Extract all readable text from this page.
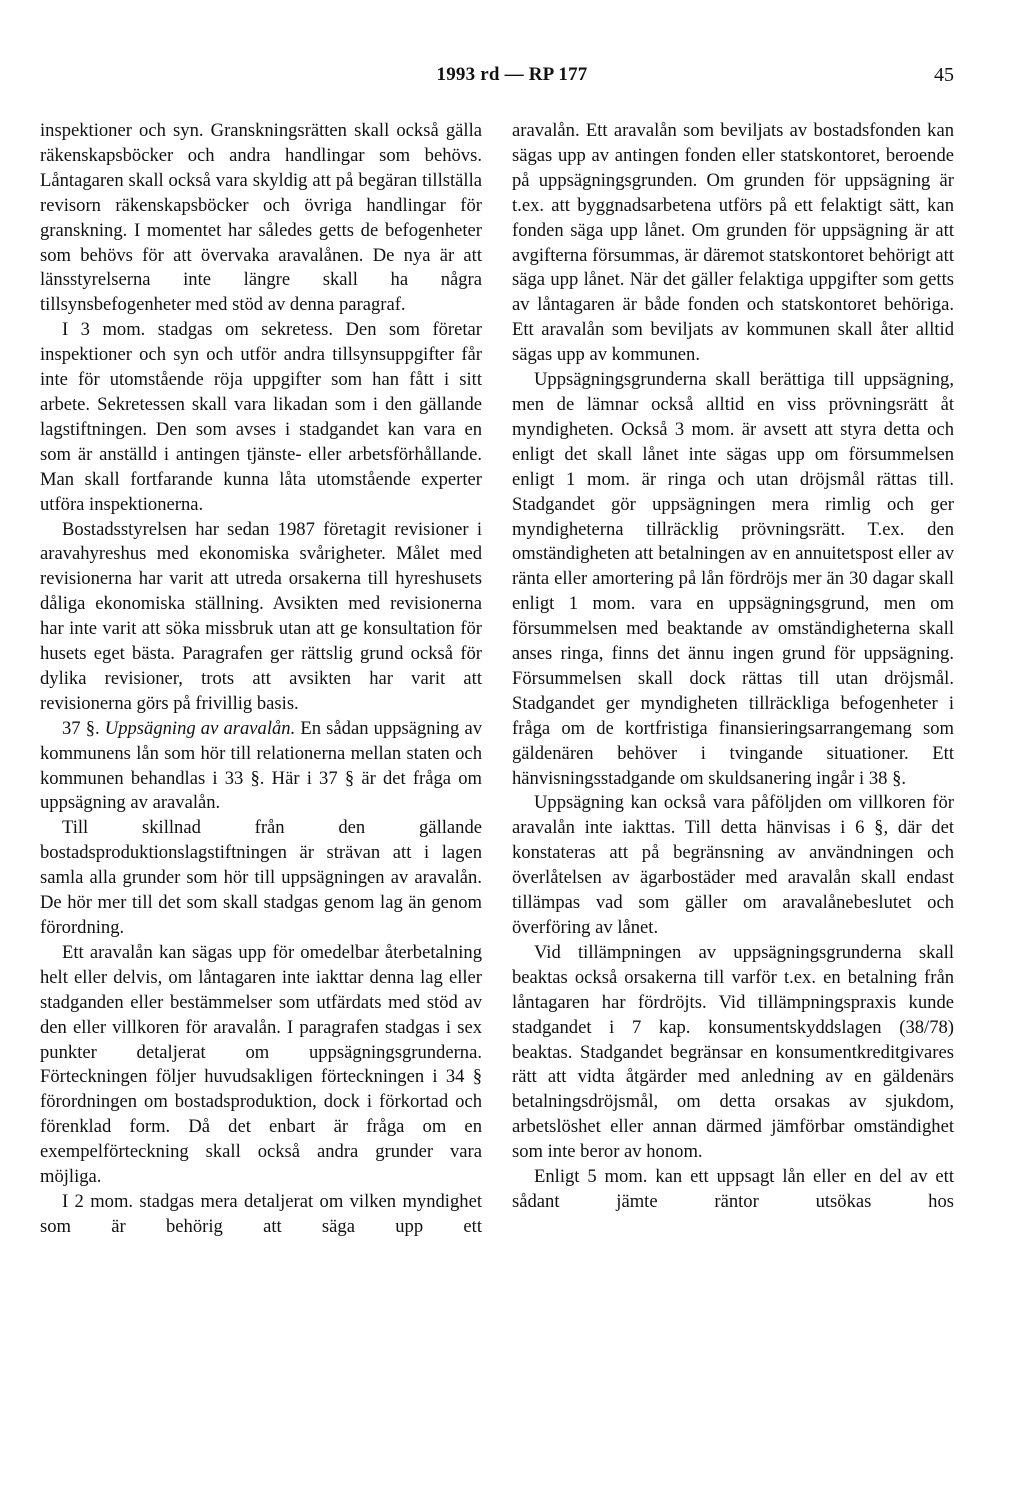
1993 rd — RP 177	45

inspektioner och syn. Granskningsrätten skall också gälla räkenskapsböcker och andra handlingar som behövs. Låntagaren skall också vara skyldig att på begäran tillställa revisorn räkenskapsböcker och övriga handlingar för granskning. I momentet har således getts de befogenheter som behövs för att övervaka aravalånen. De nya är att länsstyrelserna inte längre skall ha några tillsynsbefogenheter med stöd av denna paragraf.

I 3 mom. stadgas om sekretess. Den som företar inspektioner och syn och utför andra tillsynsuppgifter får inte för utomstående röja uppgifter som han fått i sitt arbete. Sekretessen skall vara likadan som i den gällande lagstiftningen. Den som avses i stadgandet kan vara en som är anställd i antingen tjänste- eller arbetsförhållande. Man skall fortfarande kunna låta utomstående experter utföra inspektionerna.

Bostadsstyrelsen har sedan 1987 företagit revisioner i aravahyreshus med ekonomiska svårigheter. Målet med revisionerna har varit att utreda orsakerna till hyreshusets dåliga ekonomiska ställning. Avsikten med revisionerna har inte varit att söka missbruk utan att ge konsultation för husets eget bästa. Paragrafen ger rättslig grund också för dylika revisioner, trots att avsikten har varit att revisionerna görs på frivillig basis.

37 §. Uppsägning av aravalån. En sådan uppsägning av kommunens lån som hör till relationerna mellan staten och kommunen behandlas i 33 §. Här i 37 § är det fråga om uppsägning av aravalån.

Till skillnad från den gällande bostadsproduktionslagstiftningen är strävan att i lagen samla alla grunder som hör till uppsägningen av aravalån. De hör mer till det som skall stadgas genom lag än genom förordning.

Ett aravalån kan sägas upp för omedelbar återbetalning helt eller delvis, om låntagaren inte iakttar denna lag eller stadganden eller bestämmelser som utfärdats med stöd av den eller villkoren för aravalån. I paragrafen stadgas i sex punkter detaljerat om uppsägningsgrunderna. Förteckningen följer huvudsakligen förteckningen i 34 § förordningen om bostadsproduktion, dock i förkortad och förenklad form. Då det enbart är fråga om en exempelförteckning skall också andra grunder vara möjliga.

I 2 mom. stadgas mera detaljerat om vilken myndighet som är behörig att säga upp ett

aravalån. Ett aravalån som beviljats av bostadsfonden kan sägas upp av antingen fonden eller statskontoret, beroende på uppsägningsgrunden. Om grunden för uppsägning är t.ex. att byggnadsarbetena utförs på ett felaktigt sätt, kan fonden säga upp lånet. Om grunden för uppsägning är att avgifterna försummas, är däremot statskontoret behörigt att säga upp lånet. När det gäller felaktiga uppgifter som getts av låntagaren är både fonden och statskontoret behöriga. Ett aravalån som beviljats av kommunen skall åter alltid sägas upp av kommunen.

Uppsägningsgrunderna skall berättiga till uppsägning, men de lämnar också alltid en viss prövningsrätt åt myndigheten. Också 3 mom. är avsett att styra detta och enligt det skall lånet inte sägas upp om försummelsen enligt 1 mom. är ringa och utan dröjsmål rättas till. Stadgandet gör uppsägningen mera rimlig och ger myndigheterna tillräcklig prövningsrätt. T.ex. den omständigheten att betalningen av en annuitetspost eller av ränta eller amortering på lån fördröjs mer än 30 dagar skall enligt 1 mom. vara en uppsägningsgrund, men om försummelsen med beaktande av omständigheterna skall anses ringa, finns det ännu ingen grund för uppsägning. Försummelsen skall dock rättas till utan dröjsmål. Stadgandet ger myndigheten tillräckliga befogenheter i fråga om de kortfristiga finansieringsarrangemang som gäldenären behöver i tvingande situationer. Ett hänvisningsstadgande om skuldsanering ingår i 38 §.

Uppsägning kan också vara påföljden om villkoren för aravalån inte iakttas. Till detta hänvisas i 6 §, där det konstateras att på begränsning av användningen och överlåtelsen av ägarbostäder med aravalån skall endast tillämpas vad som gäller om aravalånebeslutet och överföring av lånet.

Vid tillämpningen av uppsägningsgrunderna skall beaktas också orsakerna till varför t.ex. en betalning från låntagaren har fördröjts. Vid tillämpningspraxis kunde stadgandet i 7 kap. konsumentskyddslagen (38/78) beaktas. Stadgandet begränsar en konsumentkreditgivares rätt att vidta åtgärder med anledning av en gäldenärs betalningsdröjsmål, om detta orsakas av sjukdom, arbetslöshet eller annan därmed jämförbar omständighet som inte beror av honom.

Enligt 5 mom. kan ett uppsagt lån eller en del av ett sådant jämte räntor utsökas hos
